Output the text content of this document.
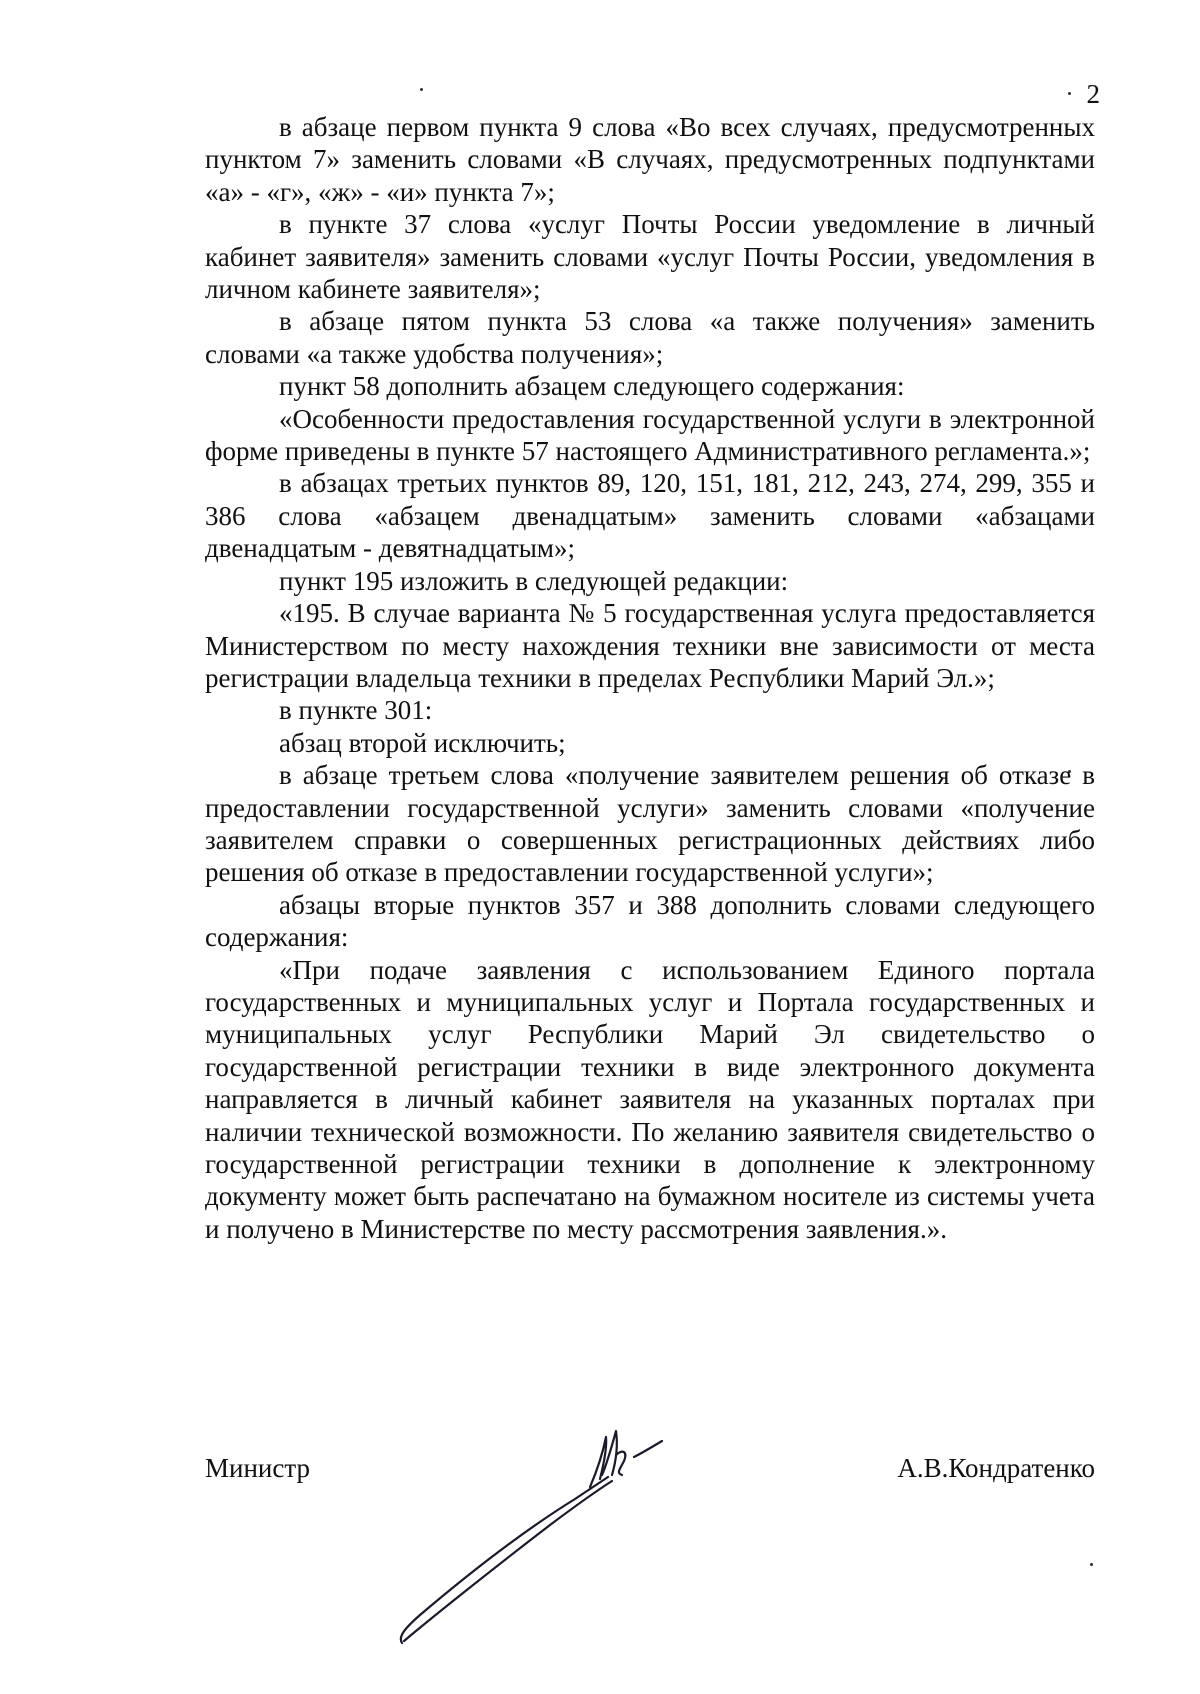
2

в абзаце первом пункта 9 слова «Во всех случаях, предусмотренных пунктом 7» заменить словами «В случаях, предусмотренных подпунктами «а» - «г», «ж» - «и» пункта 7»;

в пункте 37 слова «услуг Почты России уведомление в личный кабинет заявителя» заменить словами «услуг Почты России, уведомления в личном кабинете заявителя»;

в абзаце пятом пункта 53 слова «а также получения» заменить словами «а также удобства получения»;

пункт 58 дополнить абзацем следующего содержания:

«Особенности предоставления государственной услуги в электронной форме приведены в пункте 57 настоящего Административного регламента.»;

в абзацах третьих пунктов 89, 120, 151, 181, 212, 243, 274, 299, 355 и 386 слова «абзацем двенадцатым» заменить словами «абзацами двенадцатым - девятнадцатым»;

пункт 195 изложить в следующей редакции:

«195. В случае варианта № 5 государственная услуга предоставляется Министерством по месту нахождения техники вне зависимости от места регистрации владельца техники в пределах Республики Марий Эл.»;

в пункте 301:

абзац второй исключить;

в абзаце третьем слова «получение заявителем решения об отказе в предоставлении государственной услуги» заменить словами «получение заявителем справки о совершенных регистрационных действиях либо решения об отказе в предоставлении государственной услуги»;

абзацы вторые пунктов 357 и 388 дополнить словами следующего содержания:

«При подаче заявления с использованием Единого портала государственных и муниципальных услуг и Портала государственных и муниципальных услуг Республики Марий Эл свидетельство о государственной регистрации техники в виде электронного документа направляется в личный кабинет заявителя на указанных порталах при наличии технической возможности. По желанию заявителя свидетельство о государственной регистрации техники в дополнение к электронному документу может быть распечатано на бумажном носителе из системы учета и получено в Министерстве по месту рассмотрения заявления.».

Министр	А.В.Кондратенко
